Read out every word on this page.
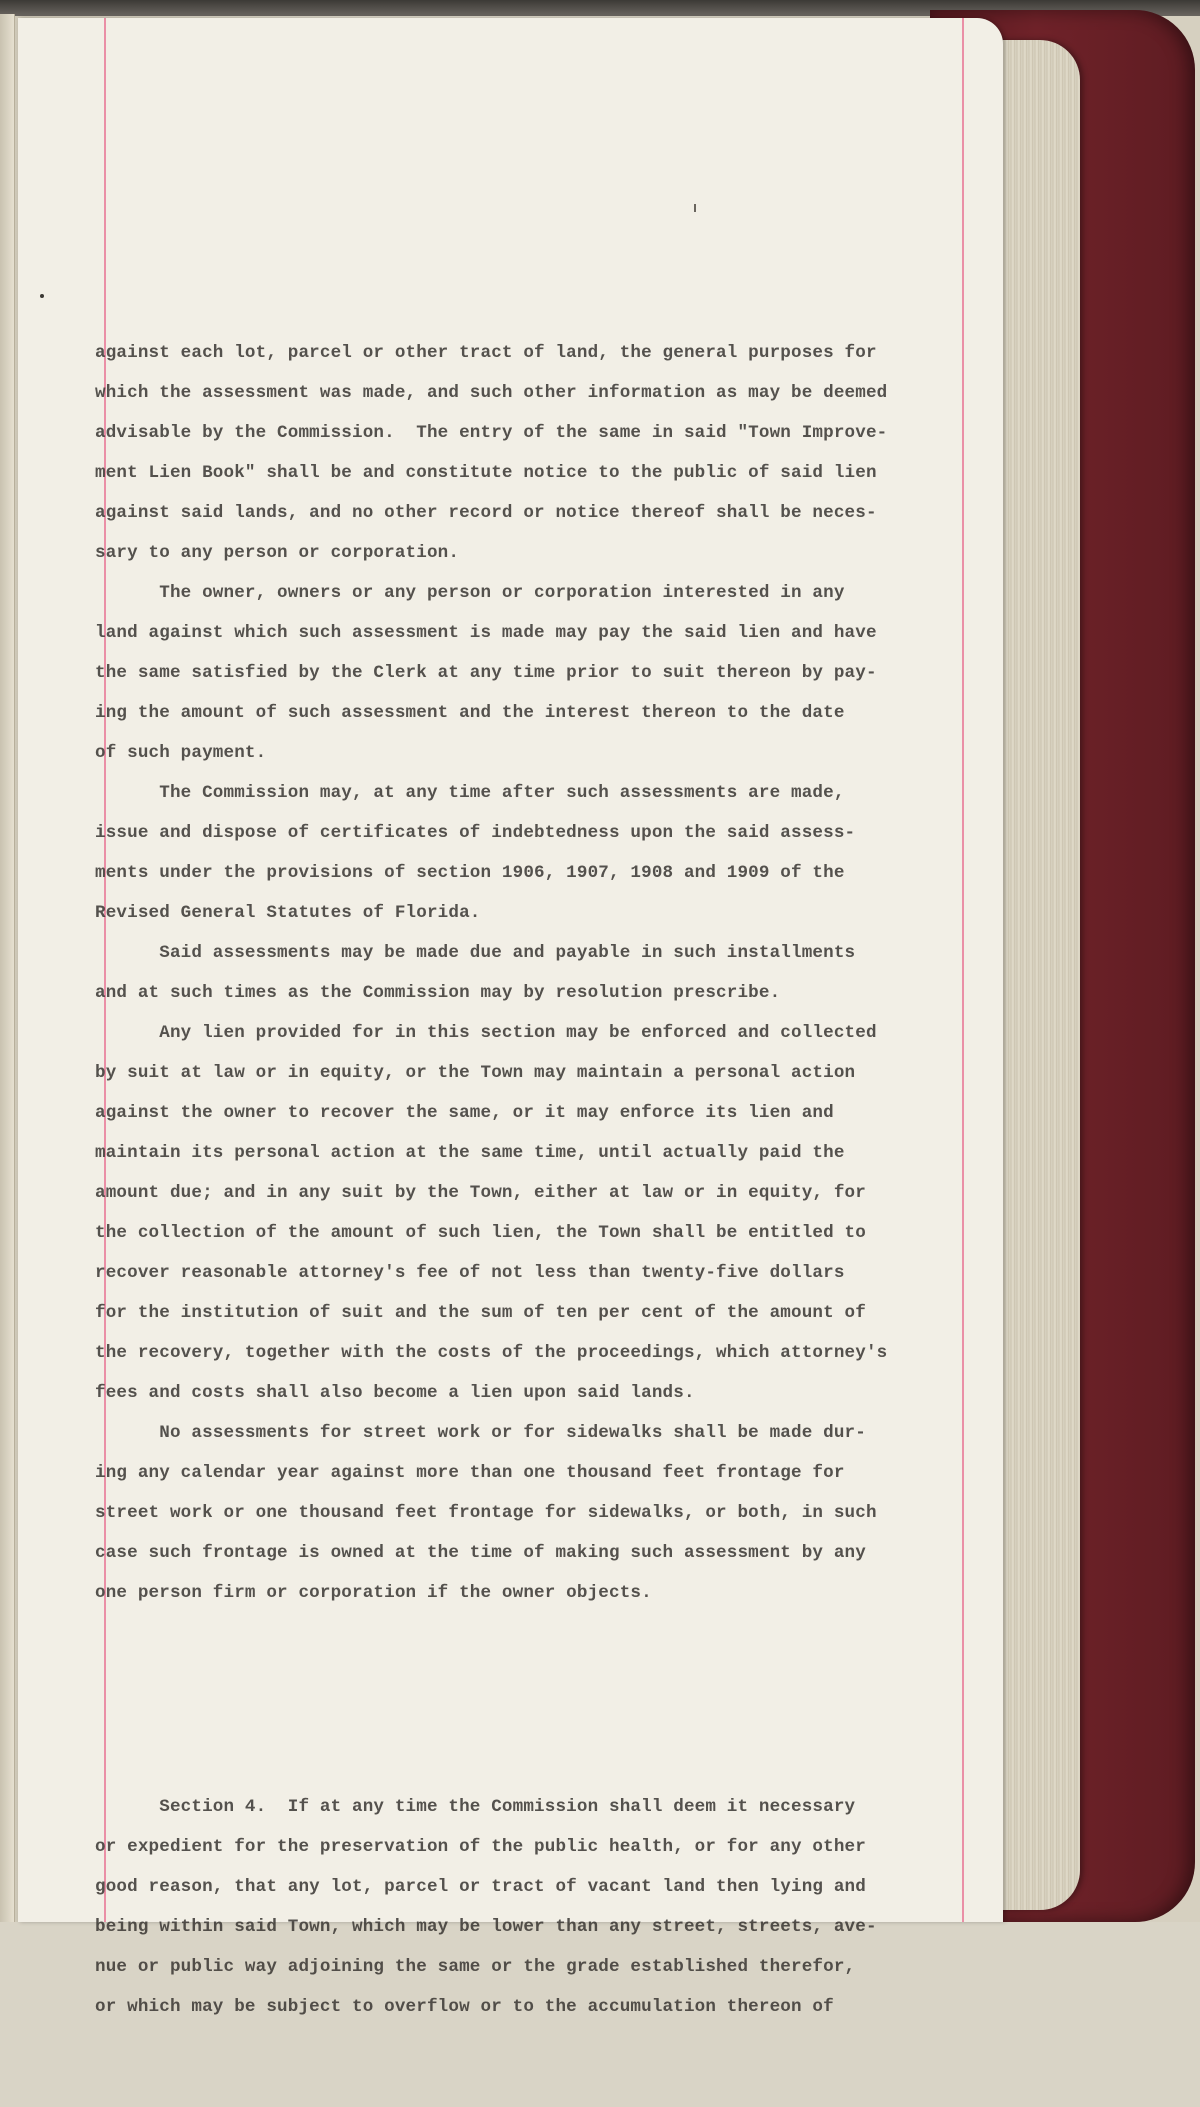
against each lot, parcel or other tract of land, the general purposes for
which the assessment was made, and such other information as may be deemed
advisable by the Commission.  The entry of the same in said "Town Improve-
ment Lien Book" shall be and constitute notice to the public of said lien
against said lands, and no other record or notice thereof shall be neces-
sary to any person or corporation.
The owner, owners or any person or corporation interested in any
land against which such assessment is made may pay the said lien and have
the same satisfied by the Clerk at any time prior to suit thereon by pay-
ing the amount of such assessment and the interest thereon to the date
of such payment.
The Commission may, at any time after such assessments are made,
issue and dispose of certificates of indebtedness upon the said assess-
ments under the provisions of section 1906, 1907, 1908 and 1909 of the
Revised General Statutes of Florida.
Said assessments may be made due and payable in such installments
and at such times as the Commission may by resolution prescribe.
Any lien provided for in this section may be enforced and collected
by suit at law or in equity, or the Town may maintain a personal action
against the owner to recover the same, or it may enforce its lien and
maintain its personal action at the same time, until actually paid the
amount due; and in any suit by the Town, either at law or in equity, for
the collection of the amount of such lien, the Town shall be entitled to
recover reasonable attorney's fee of not less than twenty-five dollars
for the institution of suit and the sum of ten per cent of the amount of
the recovery, together with the costs of the proceedings, which attorney's
fees and costs shall also become a lien upon said lands.
No assessments for street work or for sidewalks shall be made dur-
ing any calendar year against more than one thousand feet frontage for
street work or one thousand feet frontage for sidewalks, or both, in such
case such frontage is owned at the time of making such assessment by any
one person firm or corporation if the owner objects.

Section 4.  If at any time the Commission shall deem it necessary
or expedient for the preservation of the public health, or for any other
good reason, that any lot, parcel or tract of vacant land then lying and
being within said Town, which may be lower than any street, streets, ave-
nue or public way adjoining the same or the grade established therefor,
or which may be subject to overflow or to the accumulation thereon of
